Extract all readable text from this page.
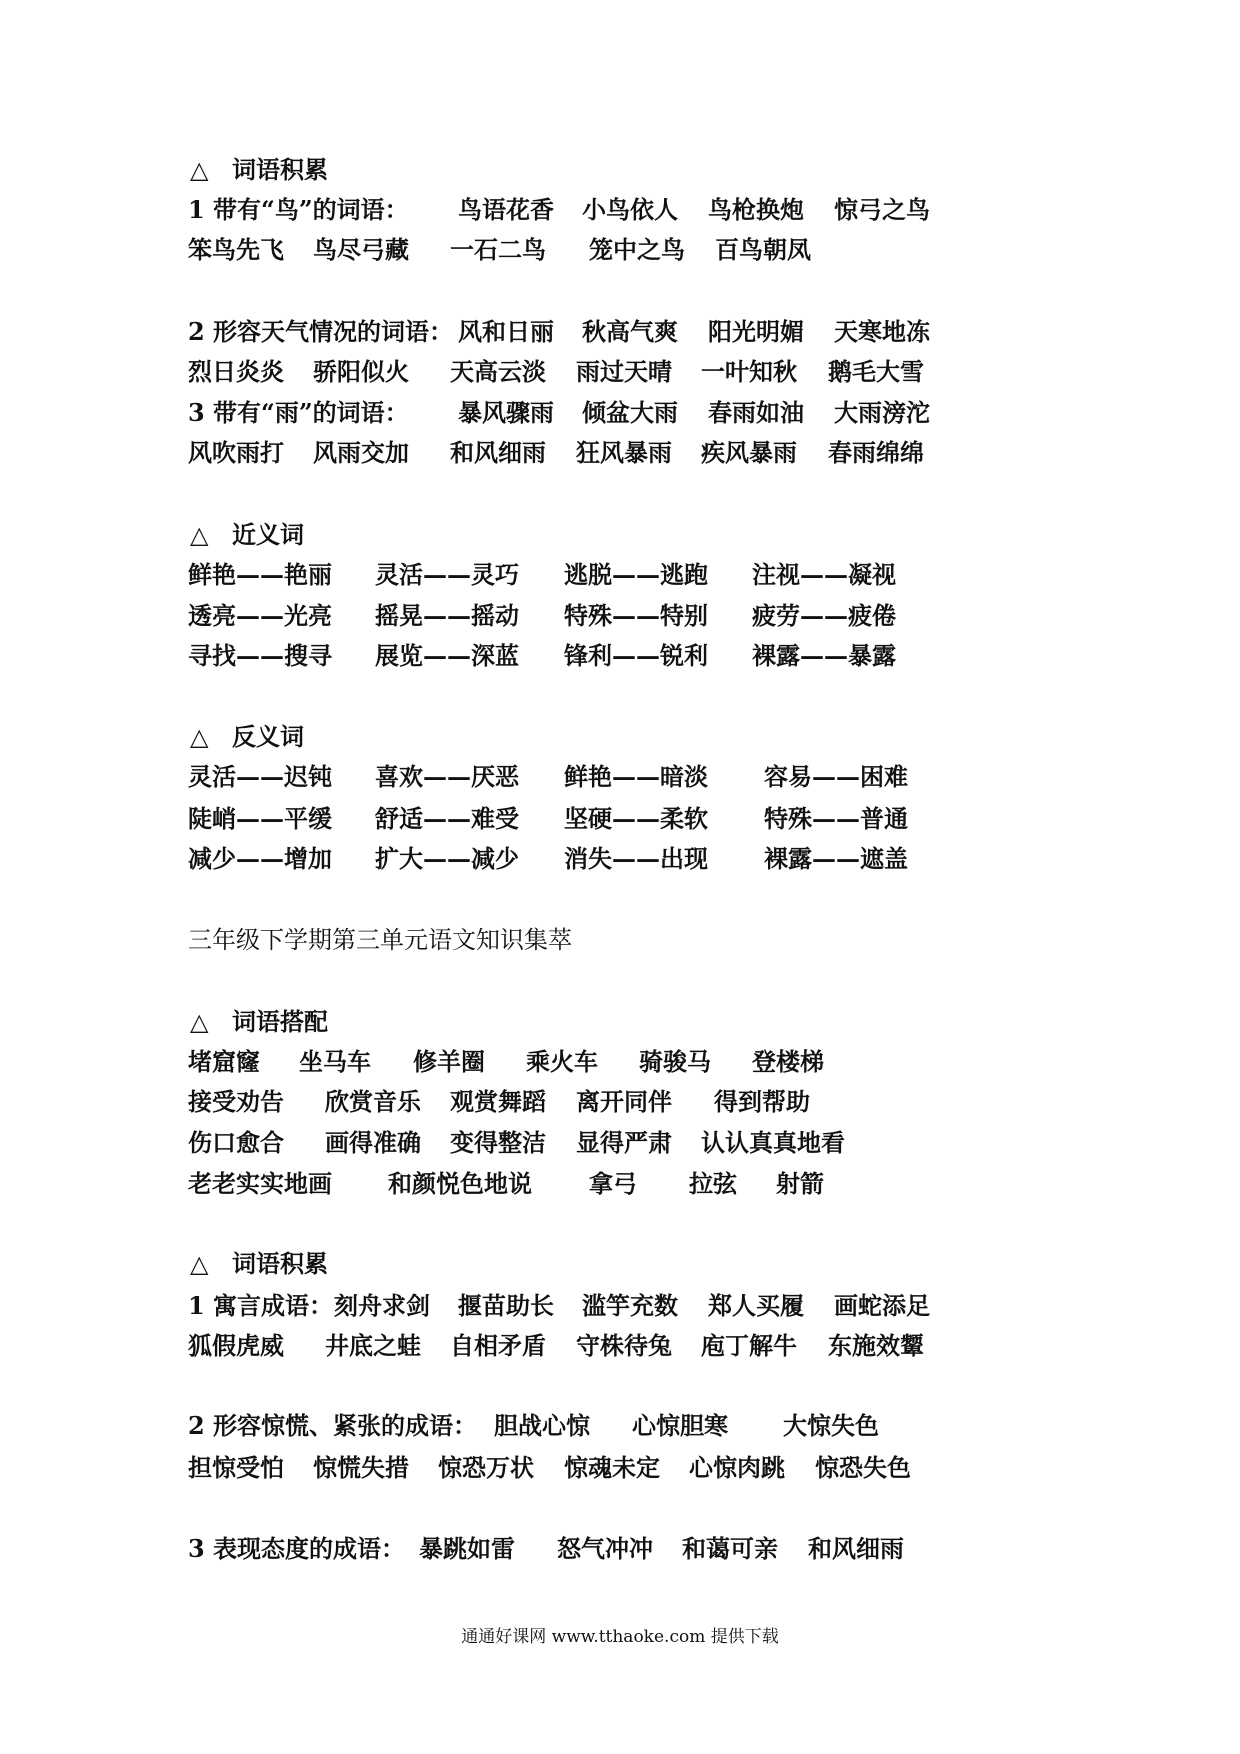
△ 词语积累
1 带有“鸟”的词语： 鸟语花香 小鸟依人 鸟枪换炮 惊弓之鸟
笨鸟先飞 鸟尽弓藏 一石二鸟 笼中之鸟 百鸟朝凤
2 形容天气情况的词语： 风和日丽 秋高气爽 阳光明媚 天寒地冻
烈日炎炎 骄阳似火 天高云淡 雨过天晴 一叶知秋 鹅毛大雪
3 带有“雨”的词语： 暴风骤雨 倾盆大雨 春雨如油 大雨滂沱
风吹雨打 风雨交加 和风细雨 狂风暴雨 疾风暴雨 春雨绵绵
△ 近义词
鲜艳——艳丽 灵活——灵巧 逃脱——逃跑 注视——凝视
透亮——光亮 摇晃——摇动 特殊——特别 疲劳——疲倦
寻找——搜寻 展览——深蓝 锋利——锐利 裸露——暴露
△ 反义词
灵活——迟钝 喜欢——厌恶 鲜艳——暗淡 容易——困难
陡峭——平缓 舒适——难受 坚硬——柔软 特殊——普通
减少——增加 扩大——减少 消失——出现 裸露——遮盖
三年级下学期第三单元语文知识集萃
△ 词语搭配
堵窟窿 坐马车 修羊圈 乘火车 骑骏马 登楼梯
接受劝告 欣赏音乐 观赏舞蹈 离开同伴 得到帮助
伤口愈合 画得准确 变得整洁 显得严肃 认认真真地看
老老实实地画 和颜悦色地说 拿弓 拉弦 射箭
△ 词语积累
1 寓言成语： 刻舟求剑 揠苗助长 滥竽充数 郑人买履 画蛇添足
狐假虎威 井底之蛙 自相矛盾 守株待兔 庖丁解牛 东施效颦
2 形容惊慌、紧张的成语： 胆战心惊 心惊胆寒 大惊失色
担惊受怕 惊慌失措 惊恐万状 惊魂未定 心惊肉跳 惊恐失色
3 表现态度的成语： 暴跳如雷 怒气冲冲 和蔼可亲 和风细雨
通通好课网 www.tthaoke.com 提供下载
